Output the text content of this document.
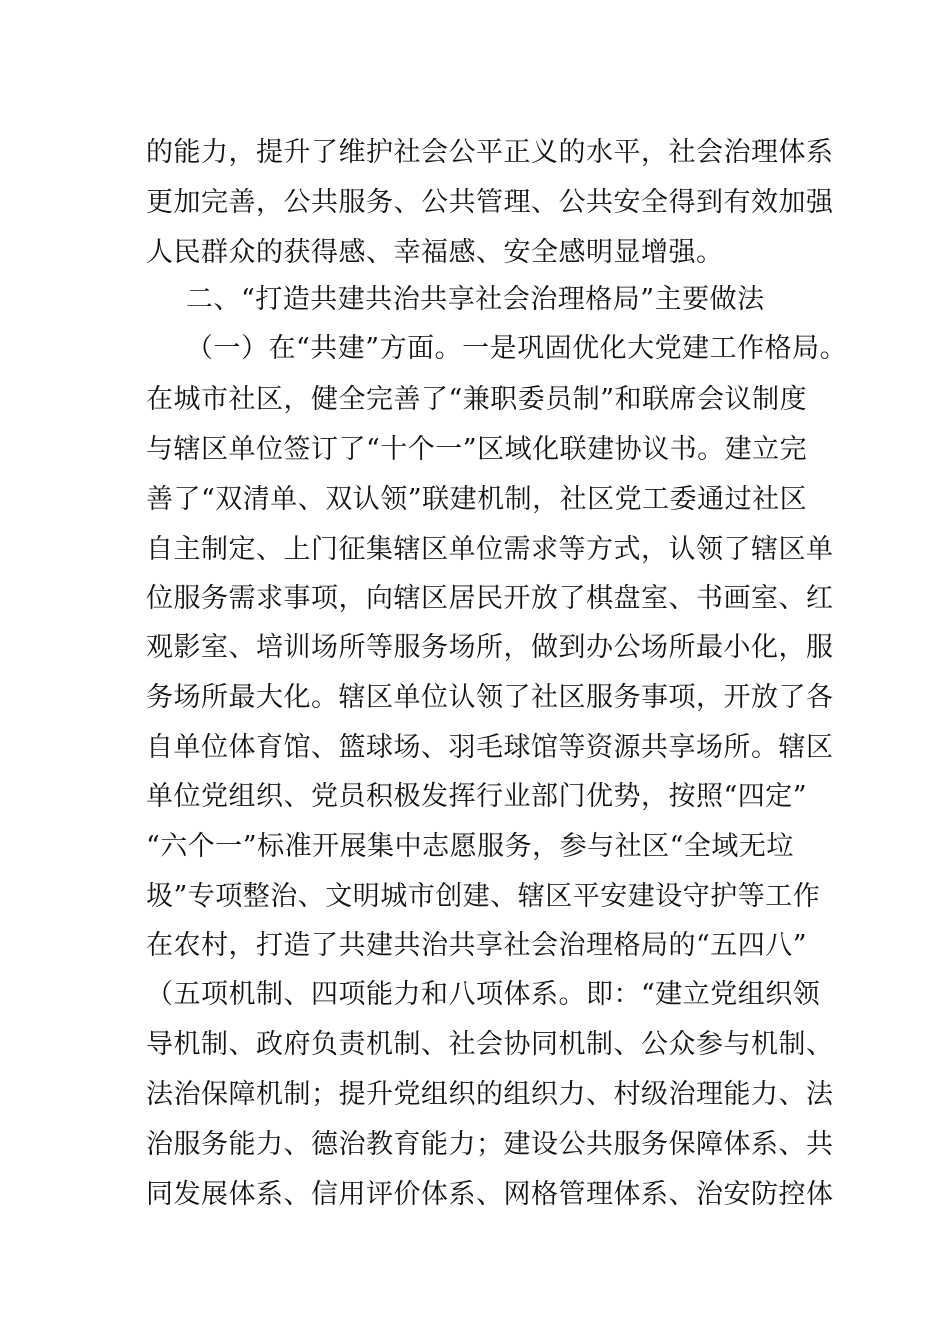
的能力，提升了维护社会公平正义的水平，社会治理体系
更加完善，公共服务、公共管理、公共安全得到有效加强
人民群众的获得感、幸福感、安全感明显增强。
二、“打造共建共治共享社会治理格局”主要做法
（一）在“共建”方面。一是巩固优化大党建工作格局。
在城市社区，健全完善了“兼职委员制”和联席会议制度
与辖区单位签订了“十个一”区域化联建协议书。建立完
善了“双清单、双认领”联建机制，社区党工委通过社区
自主制定、上门征集辖区单位需求等方式，认领了辖区单
位服务需求事项，向辖区居民开放了棋盘室、书画室、红
观影室、培训场所等服务场所，做到办公场所最小化，服
务场所最大化。辖区单位认领了社区服务事项，开放了各
自单位体育馆、篮球场、羽毛球馆等资源共享场所。辖区
单位党组织、党员积极发挥行业部门优势，按照“四定”
“六个一”标准开展集中志愿服务，参与社区“全域无垃
圾”专项整治、文明城市创建、辖区平安建设守护等工作
在农村，打造了共建共治共享社会治理格局的“五四八”
（五项机制、四项能力和八项体系。即：“建立党组织领
导机制、政府负责机制、社会协同机制、公众参与机制、
法治保障机制；提升党组织的组织力、村级治理能力、法
治服务能力、德治教育能力；建设公共服务保障体系、共
同发展体系、信用评价体系、网格管理体系、治安防控体
